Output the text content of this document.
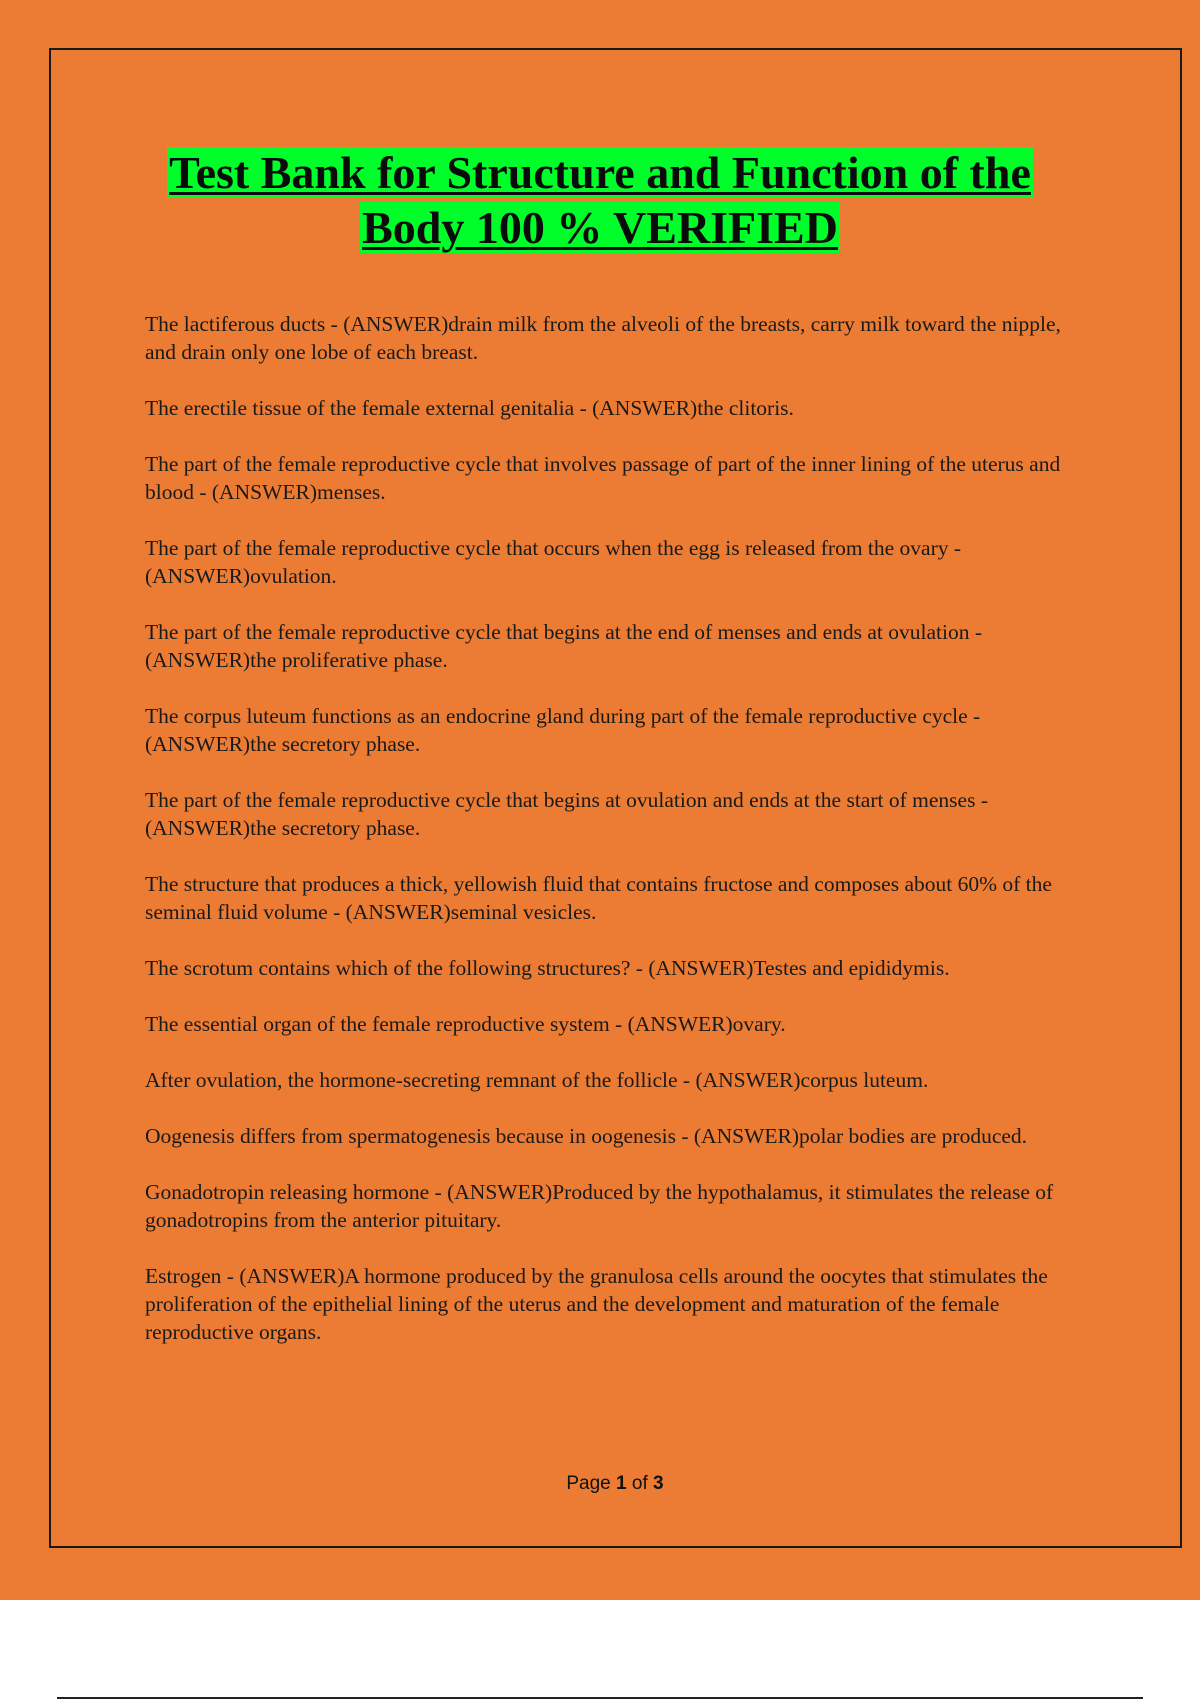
Test Bank for Structure and Function of the
Body 100 % VERIFIED

The lactiferous ducts - (ANSWER)drain milk from the alveoli of the breasts, carry milk toward the nipple, and drain only one lobe of each breast.

The erectile tissue of the female external genitalia - (ANSWER)the clitoris.

The part of the female reproductive cycle that involves passage of part of the inner lining of the uterus and blood - (ANSWER)menses.

The part of the female reproductive cycle that occurs when the egg is released from the ovary - (ANSWER)ovulation.

The part of the female reproductive cycle that begins at the end of menses and ends at ovulation - (ANSWER)the proliferative phase.

The corpus luteum functions as an endocrine gland during part of the female reproductive cycle - (ANSWER)the secretory phase.

The part of the female reproductive cycle that begins at ovulation and ends at the start of menses - (ANSWER)the secretory phase.

The structure that produces a thick, yellowish fluid that contains fructose and composes about 60% of the seminal fluid volume - (ANSWER)seminal vesicles.

The scrotum contains which of the following structures? - (ANSWER)Testes and epididymis.

The essential organ of the female reproductive system - (ANSWER)ovary.

After ovulation, the hormone-secreting remnant of the follicle - (ANSWER)corpus luteum.

Oogenesis differs from spermatogenesis because in oogenesis - (ANSWER)polar bodies are produced.

Gonadotropin releasing hormone - (ANSWER)Produced by the hypothalamus, it stimulates the release of gonadotropins from the anterior pituitary.

Estrogen - (ANSWER)A hormone produced by the granulosa cells around the oocytes that stimulates the proliferation of the epithelial lining of the uterus and the development and maturation of the female reproductive organs.

Page 1 of 3
